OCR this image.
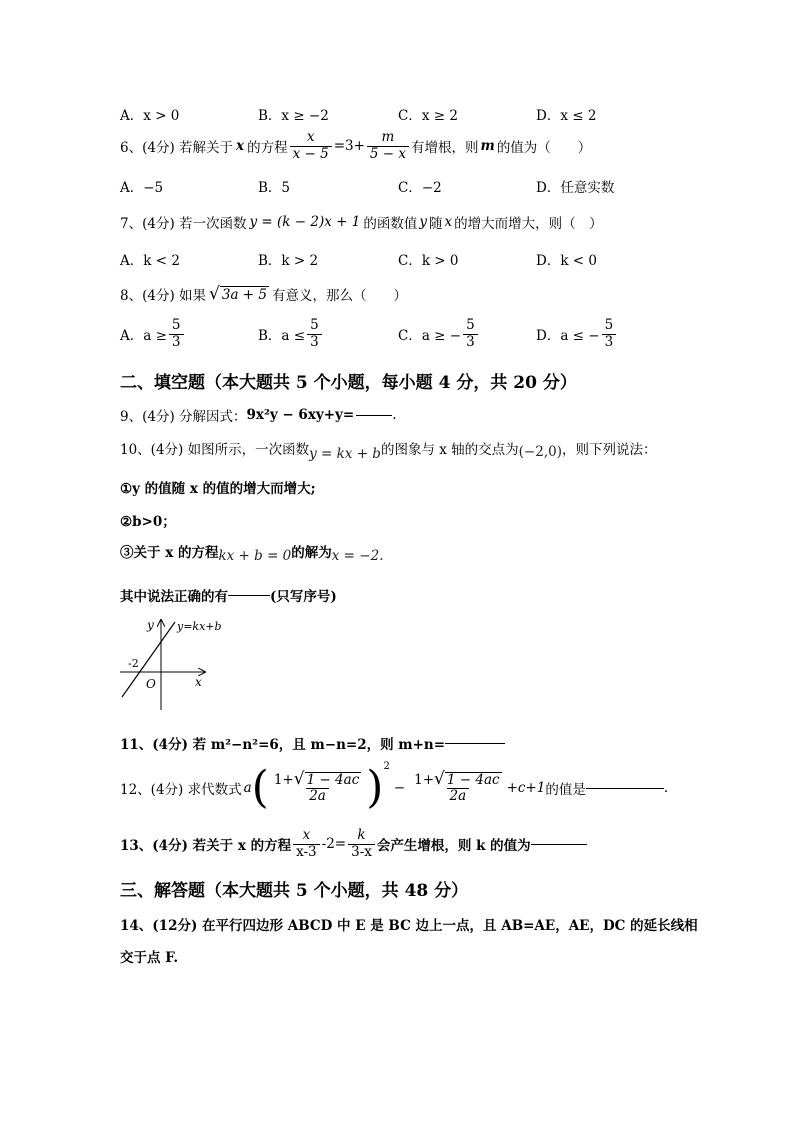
A．x > 0	B．x ≥ −2	C．x ≥ 2	D．x ≤ 2
6、(4分) 若解关于 x 的方程 $\frac{x}{x - 5} =3+ \frac{m}{5 - x}$ 有增根，则 m 的值为（　　）
A．−5	B．5	C．−2	D．任意实数
7、(4分) 若一次函数 y = (k − 2)x + 1 的函数值 y 随 x 的增大而增大，则（　）
A．k < 2	B．k > 2	C．k > 0	D．k < 0
8、(4分) 如果 √ 3a + 5 有意义，那么（　　）
A．$a \ge \frac{5}{3}$	B．$a \le \frac{5}{3}$	C．a ≥ − $\frac{5}{3}$	D．a ≤ − $\frac{5}{3}$
二、填空题（本大题共 5 个小题，每小题 4 分，共 20 分）
9、(4分) 分解因式： 9x²y − 6xy+y=	.
10、(4分) 如图所示，一次函数 y = kx + b 的图象与 x 轴的交点为 (−2,0) ，则下列说法：
①y 的值随 x 的值的增大而增大;
②b>0；
③关于 x 的方程 kx + b = 0 的解为 x = −2.
其中说法正确的有	(只写序号)
y y=kx+b
-2
O	x
11、(4分) 若 m²−n²=6，且 m−n=2，则 m+n=
12、(4分) 求代数式 a ( $\frac{1+ √ 1 - 4ac}{2a}$ ) 2
− $\frac{1+ √ 1 - 4ac}{2a} +c+1$ 的值是	.
13、(4分) 若关于 x 的方程 $\frac{x}{x-3} -2= \frac{k}{3-x}$ 会产生增根，则 k 的值为
三、解答题（本大题共 5 个小题，共 48 分）
14、(12分) 在平行四边形 ABCD 中 E 是 BC 边上一点，且 AB=AE，AE，DC 的延长线相
交于点 F.
